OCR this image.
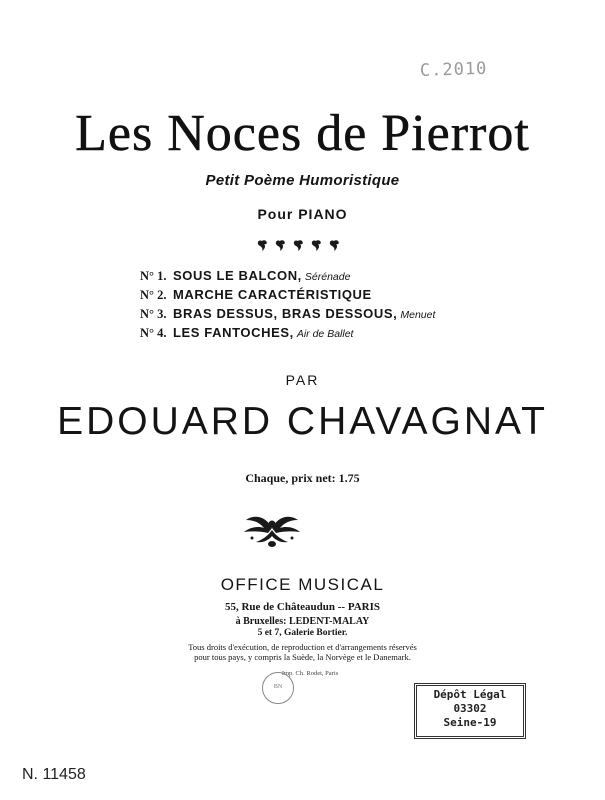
C.2010
Les Noces de Pierrot
Petit Poème Humoristique
Pour PIANO
N° 1. SOUS LE BALCON, Sérénade
N° 2. MARCHE CARACTÉRISTIQUE
N° 3. BRAS DESSUS, BRAS DESSOUS, Menuet
N° 4. LES FANTOCHES, Air de Ballet
PAR
EDOUARD CHAVAGNAT
Chaque, prix net: 1.75
OFFICE MUSICAL
55, Rue de Châteaudun -- PARIS
à Bruxelles: LEDENT-MALAY
5 et 7, Galerie Bortier.
Tous droits d'exécution, de reproduction et d'arrangements réservés
pour tous pays, y compris la Suède, la Norvège et le Danemark.
Imp. Ch. Rodet, Paris
BN
Dépôt Légal
03302
Seine-19
N. 11458
